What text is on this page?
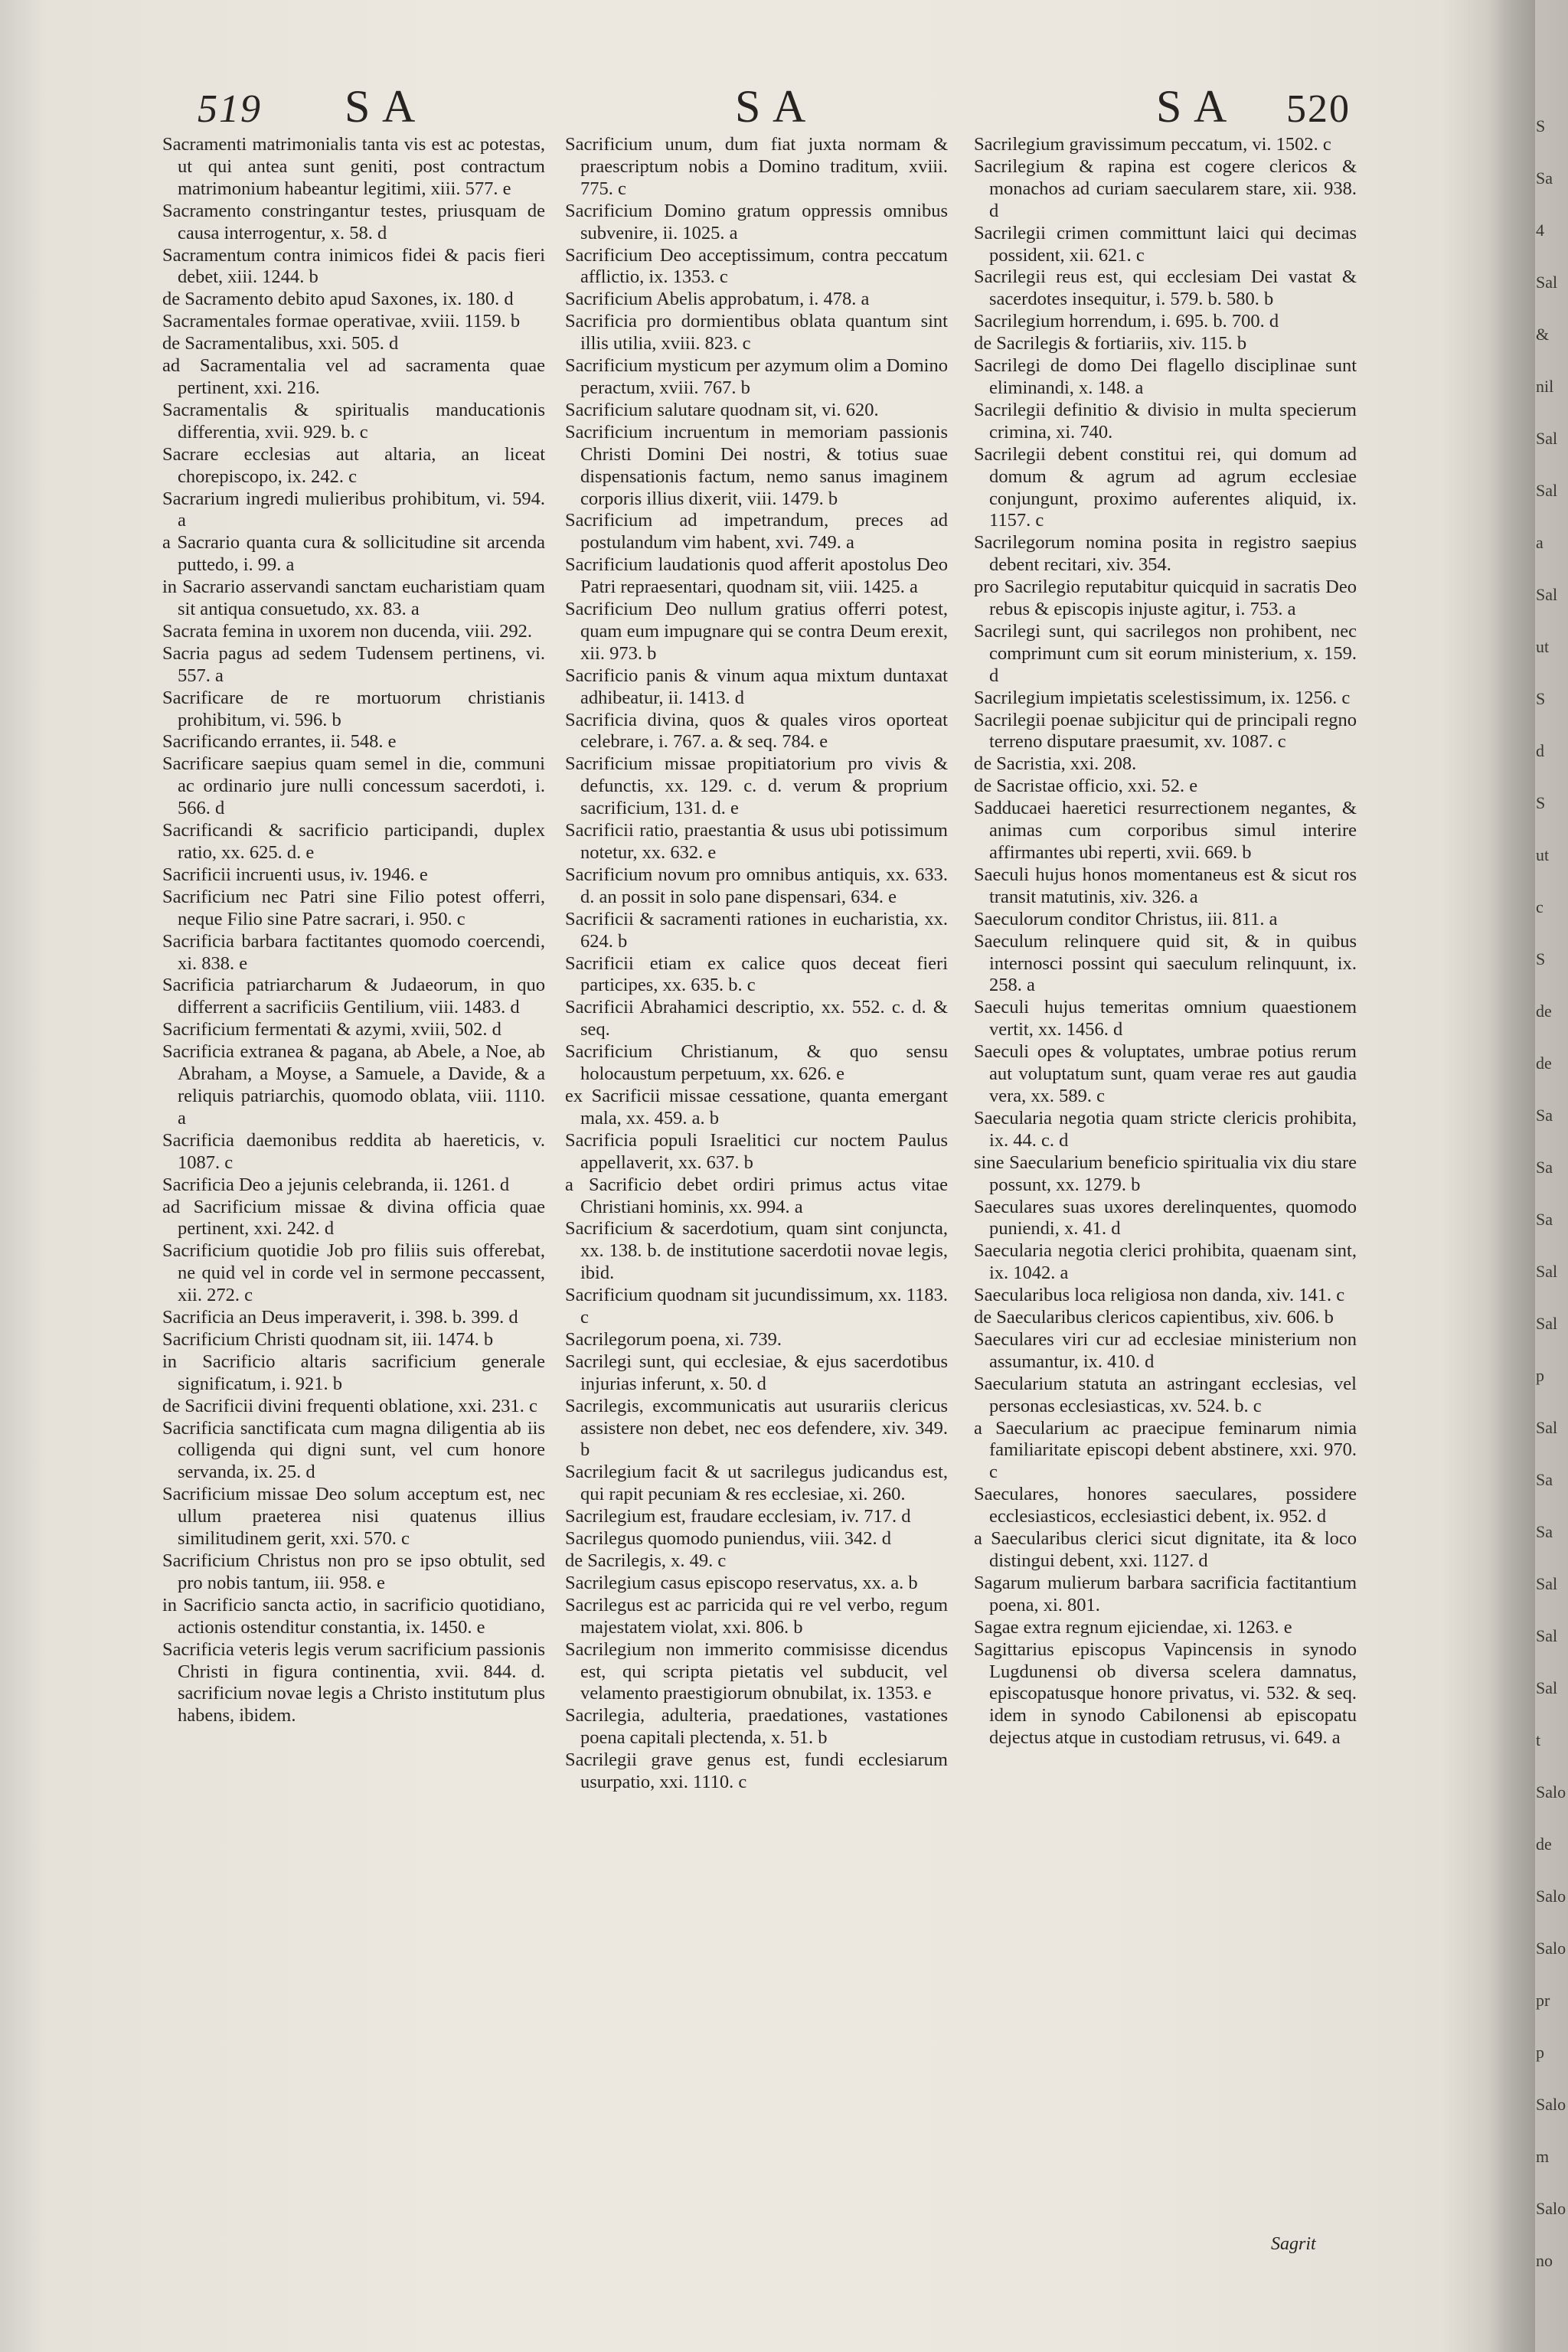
519 S A	S A	S A 520

Sacramenti matrimonialis tanta vis est ac potestas, ut qui antea sunt geniti, post contractum matrimonium habeantur legitimi, xiii. 577. e

Sacramento constringantur testes, priusquam de causa interrogentur, x. 58. d

Sacramentum contra inimicos fidei & pacis fieri debet, xiii. 1244. b

de Sacramento debito apud Saxones, ix. 180. d

Sacramentales formae operativae, xviii. 1159. b

de Sacramentalibus, xxi. 505. d

ad Sacramentalia vel ad sacramenta quae pertinent, xxi. 216.

Sacramentalis & spiritualis manducationis differentia, xvii. 929. b. c

Sacrare ecclesias aut altaria, an liceat chorepiscopo, ix. 242. c

Sacrarium ingredi mulieribus prohibitum, vi. 594. a

a Sacrario quanta cura & sollicitudine sit arcenda puttedo, i. 99. a

in Sacrario asservandi sanctam eucharistiam quam sit antiqua consuetudo, xx. 83. a

Sacrata femina in uxorem non ducenda, viii. 292.

Sacria pagus ad sedem Tudensem pertinens, vi. 557. a

Sacrificare de re mortuorum christianis prohibitum, vi. 596. b

Sacrificando errantes, ii. 548. e

Sacrificare saepius quam semel in die, communi ac ordinario jure nulli concessum sacerdoti, i. 566. d

Sacrificandi & sacrificio participandi, duplex ratio, xx. 625. d. e

Sacrificii incruenti usus, iv. 1946. e

Sacrificium nec Patri sine Filio potest offerri, neque Filio sine Patre sacrari, i. 950. c

Sacrificia barbara factitantes quomodo coercendi, xi. 838. e

Sacrificia patriarcharum & Judaeorum, in quo differrent a sacrificiis Gentilium, viii. 1483. d

Sacrificium fermentati & azymi, xviii, 502. d

Sacrificia extranea & pagana, ab Abele, a Noe, ab Abraham, a Moyse, a Samuele, a Davide, & a reliquis patriarchis, quomodo oblata, viii. 1110. a

Sacrificia daemonibus reddita ab haereticis, v. 1087. c

Sacrificia Deo a jejunis celebranda, ii. 1261. d

ad Sacrificium missae & divina officia quae pertinent, xxi. 242. d

Sacrificium quotidie Job pro filiis suis offerebat, ne quid vel in corde vel in sermone peccassent, xii. 272. c

Sacrificia an Deus imperaverit, i. 398. b. 399. d

Sacrificium Christi quodnam sit, iii. 1474. b

in Sacrificio altaris sacrificium generale significatum, i. 921. b

de Sacrificii divini frequenti oblatione, xxi. 231. c

Sacrificia sanctificata cum magna diligentia ab iis colligenda qui digni sunt, vel cum honore servanda, ix. 25. d

Sacrificium missae Deo solum acceptum est, nec ullum praeterea nisi quatenus illius similitudinem gerit, xxi. 570. c

Sacrificium Christus non pro se ipso obtulit, sed pro nobis tantum, iii. 958. e

in Sacrificio sancta actio, in sacrificio quotidiano, actionis ostenditur constantia, ix. 1450. e

Sacrificia veteris legis verum sacrificium passionis Christi in figura continentia, xvii. 844. d. sacrificium novae legis a Christo institutum plus habens, ibidem.

Sacrificium unum, dum fiat juxta normam & praescriptum nobis a Domino traditum, xviii. 775. c

Sacrificium Domino gratum oppressis omnibus subvenire, ii. 1025. a

Sacrificium Deo acceptissimum, contra peccatum afflictio, ix. 1353. c

Sacrificium Abelis approbatum, i. 478. a

Sacrificia pro dormientibus oblata quantum sint illis utilia, xviii. 823. c

Sacrificium mysticum per azymum olim a Domino peractum, xviii. 767. b

Sacrificium salutare quodnam sit, vi. 620.

Sacrificium incruentum in memoriam passionis Christi Domini Dei nostri, & totius suae dispensationis factum, nemo sanus imaginem corporis illius dixerit, viii. 1479. b

Sacrificium ad impetrandum, preces ad postulandum vim habent, xvi. 749. a

Sacrificium laudationis quod afferit apostolus Deo Patri repraesentari, quodnam sit, viii. 1425. a

Sacrificium Deo nullum gratius offerri potest, quam eum impugnare qui se contra Deum erexit, xii. 973. b

Sacrificio panis & vinum aqua mixtum duntaxat adhibeatur, ii. 1413. d

Sacrificia divina, quos & quales viros oporteat celebrare, i. 767. a. & seq. 784. e

Sacrificium missae propitiatorium pro vivis & defunctis, xx. 129. c. d. verum & proprium sacrificium, 131. d. e

Sacrificii ratio, praestantia & usus ubi potissimum notetur, xx. 632. e

Sacrificium novum pro omnibus antiquis, xx. 633. d. an possit in solo pane dispensari, 634. e

Sacrificii & sacramenti rationes in eucharistia, xx. 624. b

Sacrificii etiam ex calice quos deceat fieri participes, xx. 635. b. c

Sacrificii Abrahamici descriptio, xx. 552. c. d. & seq.

Sacrificium Christianum, & quo sensu holocaustum perpetuum, xx. 626. e

ex Sacrificii missae cessatione, quanta emergant mala, xx. 459. a. b

Sacrificia populi Israelitici cur noctem Paulus appellaverit, xx. 637. b

a Sacrificio debet ordiri primus actus vitae Christiani hominis, xx. 994. a

Sacrificium & sacerdotium, quam sint conjuncta, xx. 138. b. de institutione sacerdotii novae legis, ibid.

Sacrificium quodnam sit jucundissimum, xx. 1183. c

Sacrilegorum poena, xi. 739.

Sacrilegi sunt, qui ecclesiae, & ejus sacerdotibus injurias inferunt, x. 50. d

Sacrilegis, excommunicatis aut usurariis clericus assistere non debet, nec eos defendere, xiv. 349. b

Sacrilegium facit & ut sacrilegus judicandus est, qui rapit pecuniam & res ecclesiae, xi. 260.

Sacrilegium est, fraudare ecclesiam, iv. 717. d

Sacrilegus quomodo puniendus, viii. 342. d

de Sacrilegis, x. 49. c

Sacrilegium casus episcopo reservatus, xx. a. b

Sacrilegus est ac parricida qui re vel verbo, regum majestatem violat, xxi. 806. b

Sacrilegium non immerito commisisse dicendus est, qui scripta pietatis vel subducit, vel velamento praestigiorum obnubilat, ix. 1353. e

Sacrilegia, adulteria, praedationes, vastationes poena capitali plectenda, x. 51. b

Sacrilegii grave genus est, fundi ecclesiarum usurpatio, xxi. 1110. c

Sacrilegium gravissimum peccatum, vi. 1502. c

Sacrilegium & rapina est cogere clericos & monachos ad curiam saecularem stare, xii. 938. d

Sacrilegii crimen committunt laici qui decimas possident, xii. 621. c

Sacrilegii reus est, qui ecclesiam Dei vastat & sacerdotes insequitur, i. 579. b. 580. b

Sacrilegium horrendum, i. 695. b. 700. d

de Sacrilegis & fortiariis, xiv. 115. b

Sacrilegi de domo Dei flagello disciplinae sunt eliminandi, x. 148. a

Sacrilegii definitio & divisio in multa specierum crimina, xi. 740.

Sacrilegii debent constitui rei, qui domum ad domum & agrum ad agrum ecclesiae conjungunt, proximo auferentes aliquid, ix. 1157. c

Sacrilegorum nomina posita in registro saepius debent recitari, xiv. 354.

pro Sacrilegio reputabitur quicquid in sacratis Deo rebus & episcopis injuste agitur, i. 753. a

Sacrilegi sunt, qui sacrilegos non prohibent, nec comprimunt cum sit eorum ministerium, x. 159. d

Sacrilegium impietatis scelestissimum, ix. 1256. c

Sacrilegii poenae subjicitur qui de principali regno terreno disputare praesumit, xv. 1087. c

de Sacristia, xxi. 208.

de Sacristae officio, xxi. 52. e

Sadducaei haeretici resurrectionem negantes, & animas cum corporibus simul interire affirmantes ubi reperti, xvii. 669. b

Saeculi hujus honos momentaneus est & sicut ros transit matutinis, xiv. 326. a

Saeculorum conditor Christus, iii. 811. a

Saeculum relinquere quid sit, & in quibus internosci possint qui saeculum relinquunt, ix. 258. a

Saeculi hujus temeritas omnium quaestionem vertit, xx. 1456. d

Saeculi opes & voluptates, umbrae potius rerum aut voluptatum sunt, quam verae res aut gaudia vera, xx. 589. c

Saecularia negotia quam stricte clericis prohibita, ix. 44. c. d

sine Saecularium beneficio spiritualia vix diu stare possunt, xx. 1279. b

Saeculares suas uxores derelinquentes, quomodo puniendi, x. 41. d

Saecularia negotia clerici prohibita, quaenam sint, ix. 1042. a

Saecularibus loca religiosa non danda, xiv. 141. c

de Saecularibus clericos capientibus, xiv. 606. b

Saeculares viri cur ad ecclesiae ministerium non assumantur, ix. 410. d

Saecularium statuta an astringant ecclesias, vel personas ecclesiasticas, xv. 524. b. c

a Saecularium ac praecipue feminarum nimia familiaritate episcopi debent abstinere, xxi. 970. c

Saeculares, honores saeculares, possidere ecclesiasticos, ecclesiastici debent, ix. 952. d

a Saecularibus clerici sicut dignitate, ita & loco distingui debent, xxi. 1127. d

Sagarum mulierum barbara sacrificia factitantium poena, xi. 801.

Sagae extra regnum ejiciendae, xi. 1263. e

Sagittarius episcopus Vapincensis in synodo Lugdunensi ob diversa scelera damnatus, episcopatusque honore privatus, vi. 532. & seq. idem in synodo Cabilonensi ab episcopatu dejectus atque in custodiam retrusus, vi. 649. a

Sagrit
S
Sa
4
Sal
&
nil
Sal
Sal
a
Sal
ut
S
d
S
ut
c
S
de
de
Sa
Sa
Sa
Sal
Sal
p
Sal
Sa
Sa
Sal
Sal
Sal
t
Salo
de
Salo
Salo
pr
p
Salo
m
Salo
no
